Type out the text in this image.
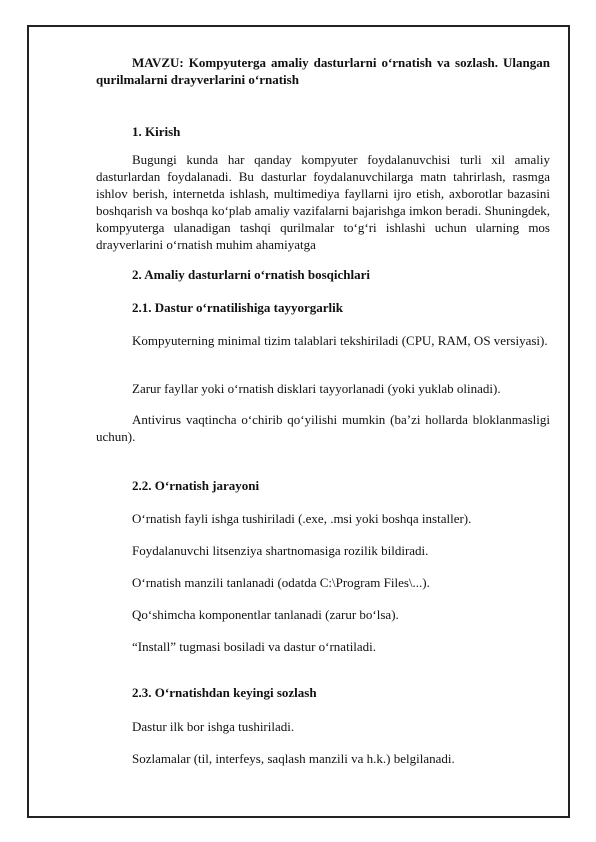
MAVZU: Kompyuterga amaliy dasturlarni o‘rnatish va sozlash. Ulangan qurilmalarni drayverlarini o‘rnatish

1. Kirish

Bugungi kunda har qanday kompyuter foydalanuvchisi turli xil amaliy dasturlardan foydalanadi. Bu dasturlar foydalanuvchilarga matn tahrirlash, rasmga ishlov berish, internetda ishlash, multimediya fayllarni ijro etish, axborotlar bazasini boshqarish va boshqa ko‘plab amaliy vazifalarni bajarishga imkon beradi. Shuningdek, kompyuterga ulanadigan tashqi qurilmalar to‘g‘ri ishlashi uchun ularning mos drayverlarini o‘rnatish muhim ahamiyatga

2. Amaliy dasturlarni o‘rnatish bosqichlari

2.1. Dastur o‘rnatilishiga tayyorgarlik

Kompyuterning minimal tizim talablari tekshiriladi (CPU, RAM, OS versiyasi).

Zarur fayllar yoki o‘rnatish disklari tayyorlanadi (yoki yuklab olinadi).

Antivirus vaqtincha o‘chirib qo‘yilishi mumkin (ba’zi hollarda bloklanmasligi uchun).

2.2. O‘rnatish jarayoni

O‘rnatish fayli ishga tushiriladi (.exe, .msi yoki boshqa installer).

Foydalanuvchi litsenziya shartnomasiga rozilik bildiradi.

O‘rnatish manzili tanlanadi (odatda C:\Program Files\...).

Qo‘shimcha komponentlar tanlanadi (zarur bo‘lsa).

“Install” tugmasi bosiladi va dastur o‘rnatiladi.

2.3. O‘rnatishdan keyingi sozlash

Dastur ilk bor ishga tushiriladi.

Sozlamalar (til, interfeys, saqlash manzili va h.k.) belgilanadi.
